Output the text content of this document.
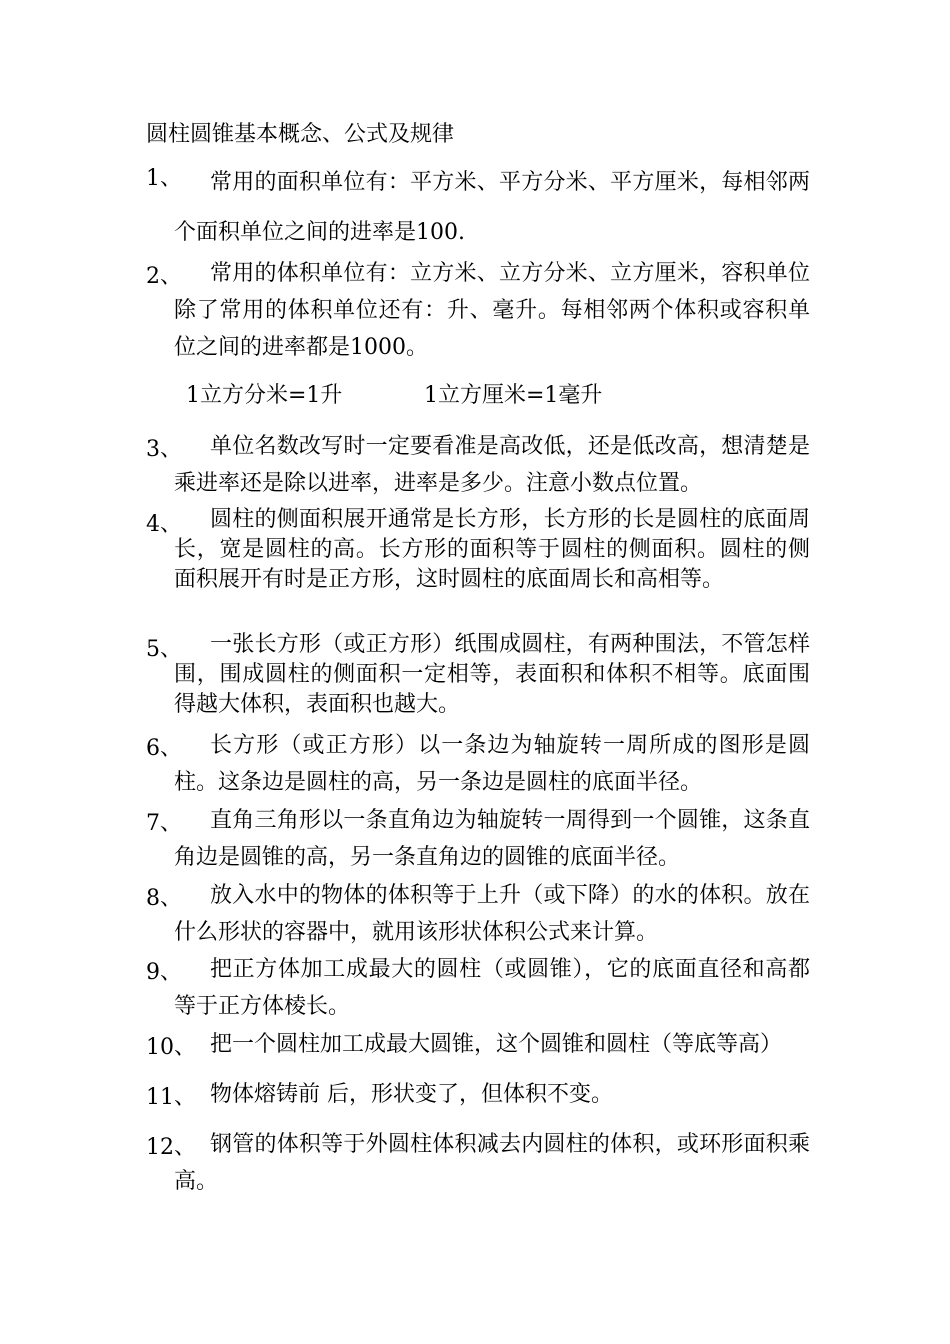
圆柱圆锥基本概念、公式及规律
1、	常用的面积单位有：平方米、平方分米、平方厘米，每相邻两个面积单位之间的进率是100.
2、	常用的体积单位有：立方米、立方分米、立方厘米，容积单位除了常用的体积单位还有：升、毫升。每相邻两个体积或容积单位之间的进率都是1000。
1立方分米=1升	1立方厘米=1毫升
3、	单位名数改写时一定要看准是高改低，还是低改高，想清楚是乘进率还是除以进率，进率是多少。注意小数点位置。
4、	圆柱的侧面积展开通常是长方形，长方形的长是圆柱的底面周长，宽是圆柱的高。长方形的面积等于圆柱的侧面积。圆柱的侧面积展开有时是正方形，这时圆柱的底面周长和高相等。
5、	一张长方形（或正方形）纸围成圆柱，有两种围法，不管怎样围，围成圆柱的侧面积一定相等，表面积和体积不相等。底面围得越大体积，表面积也越大。
6、	长方形（或正方形）以一条边为轴旋转一周所成的图形是圆柱。这条边是圆柱的高，另一条边是圆柱的底面半径。
7、	直角三角形以一条直角边为轴旋转一周得到一个圆锥，这条直角边是圆锥的高，另一条直角边的圆锥的底面半径。
8、	放入水中的物体的体积等于上升（或下降）的水的体积。放在什么形状的容器中，就用该形状体积公式来计算。
9、	把正方体加工成最大的圆柱（或圆锥），它的底面直径和高都等于正方体棱长。
10、 把一个圆柱加工成最大圆锥，这个圆锥和圆柱（等底等高）
11、 物体熔铸前 后，形状变了，但体积不变。
12、 钢管的体积等于外圆柱体积减去内圆柱的体积，或环形面积乘高。
